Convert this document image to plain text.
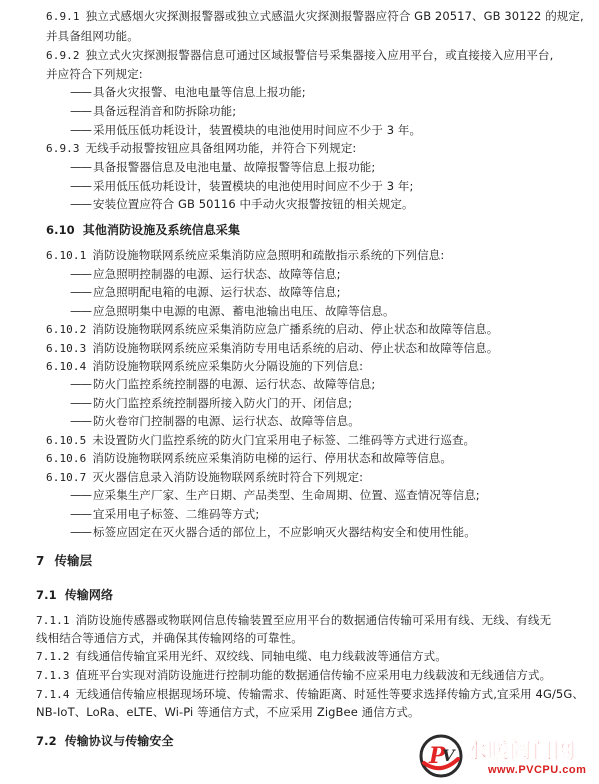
6.9.1 独立式感烟火灾探测报警器或独立式感温火灾探测报警器应符合 GB 20517、GB 30122 的规定,
并具备组网功能。
6.9.2 独立式火灾探测报警器信息可通过区域报警信号采集器接入应用平台，或直接接入应用平台,
并应符合下列规定:
—— 具备火灾报警、电池电量等信息上报功能;
—— 具备远程消音和防拆除功能;
—— 采用低压低功耗设计，装置模块的电池使用时间应不少于 3 年。
6.9.3 无线手动报警按钮应具备组网功能，并符合下列规定:
—— 具备报警器信息及电池电量、故障报警等信息上报功能;
—— 采用低压低功耗设计，装置模块的电池使用时间应不少于 3 年;
—— 安装位置应符合 GB 50116 中手动火灾报警按钮的相关规定。
6.10 其他消防设施及系统信息采集
6.10.1 消防设施物联网系统应采集消防应急照明和疏散指示系统的下列信息:
—— 应急照明控制器的电源、运行状态、故障等信息;
—— 应急照明配电箱的电源、运行状态、故障等信息;
—— 应急照明集中电源的电源、蓄电池输出电压、故障等信息。
6.10.2 消防设施物联网系统应采集消防应急广播系统的启动、停止状态和故障等信息。
6.10.3 消防设施物联网系统应采集消防专用电话系统的启动、停止状态和故障等信息。
6.10.4 消防设施物联网系统应采集防火分隔设施的下列信息:
—— 防火门监控系统控制器的电源、运行状态、故障等信息;
—— 防火门监控系统控制器所接入防火门的开、闭信息;
—— 防火卷帘门控制器的电源、运行状态、故障等信息。
6.10.5 未设置防火门监控系统的防火门宜采用电子标签、二维码等方式进行巡查。
6.10.6 消防设施物联网系统应采集消防电梯的运行、停用状态和故障等信息。
6.10.7 灭火器信息录入消防设施物联网系统时符合下列规定:
—— 应采集生产厂家、生产日期、产品类型、生命周期、位置、巡查情况等信息;
—— 宜采用电子标签、二维码等方式;
—— 标签应固定在灭火器合适的部位上，不应影响灭火器结构安全和使用性能。
7 传输层
7.1 传输网络
7.1.1 消防设施传感器或物联网信息传输装置至应用平台的数据通信传输可采用有线、无线、有线无
线相结合等通信方式，并确保其传输网络的可靠性。
7.1.2 有线通信传输宜采用光纤、双绞线、同轴电缆、电力线载波等通信方式。
7.1.3 值班平台实现对消防设施进行控制功能的数据通信传输不应采用电力线载波和无线通信方式。
7.1.4 无线通信传输应根据现场环境、传输需求、传输距离、时延性等要求选择传输方式,宜采用 4G/5G、
NB-IoT、LoRa、eLTE、Wi-Pi 等通信方式，不应采用 ZigBee 通信方式。
7.2 传输协议与传输安全
P
V 水暖阀门网
www.PVCPU.com
